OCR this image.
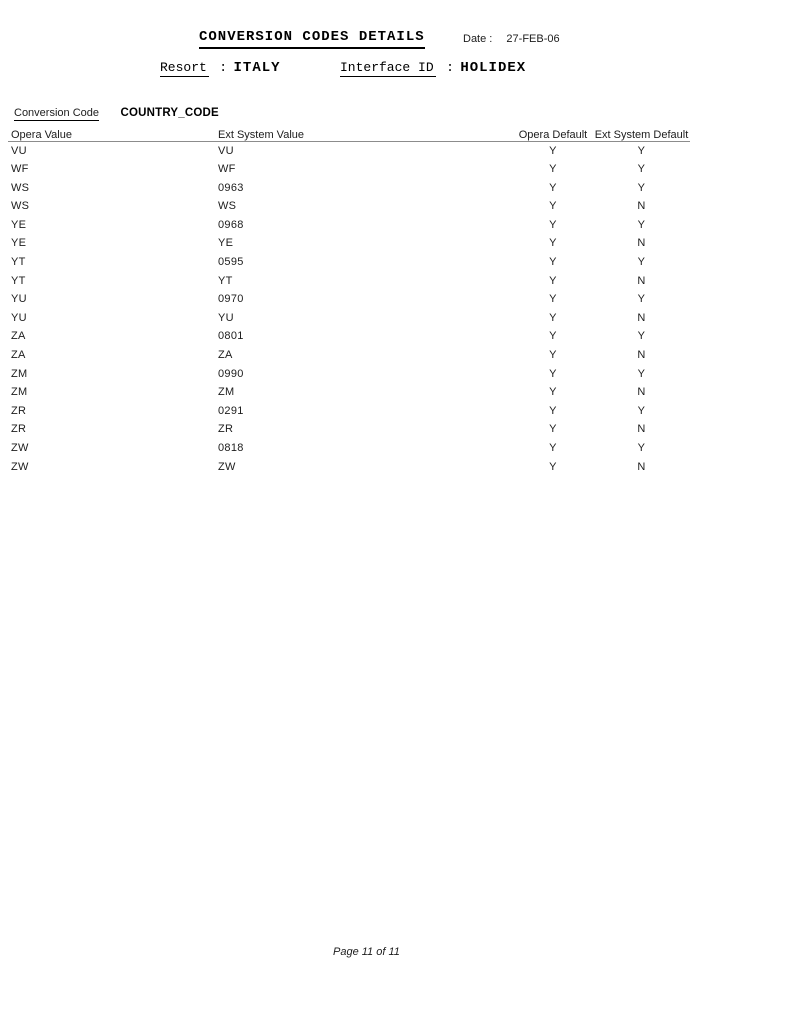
CONVERSION CODES DETAILS	Date : 27-FEB-06
Resort : ITALY	Interface ID : HOLIDEX
Conversion Code COUNTRY_CODE
Opera Value	Ext System Value	Opera Default	Ext System Default
VU	VU	Y	Y
WF	WF	Y	Y
WS	0963	Y	Y
WS	WS	Y	N
YE	0968	Y	Y
YE	YE	Y	N
YT	0595	Y	Y
YT	YT	Y	N
YU	0970	Y	Y
YU	YU	Y	N
ZA	0801	Y	Y
ZA	ZA	Y	N
ZM	0990	Y	Y
ZM	ZM	Y	N
ZR	0291	Y	Y
ZR	ZR	Y	N
ZW	0818	Y	Y
ZW	ZW	Y	N
Page 11 of 11
